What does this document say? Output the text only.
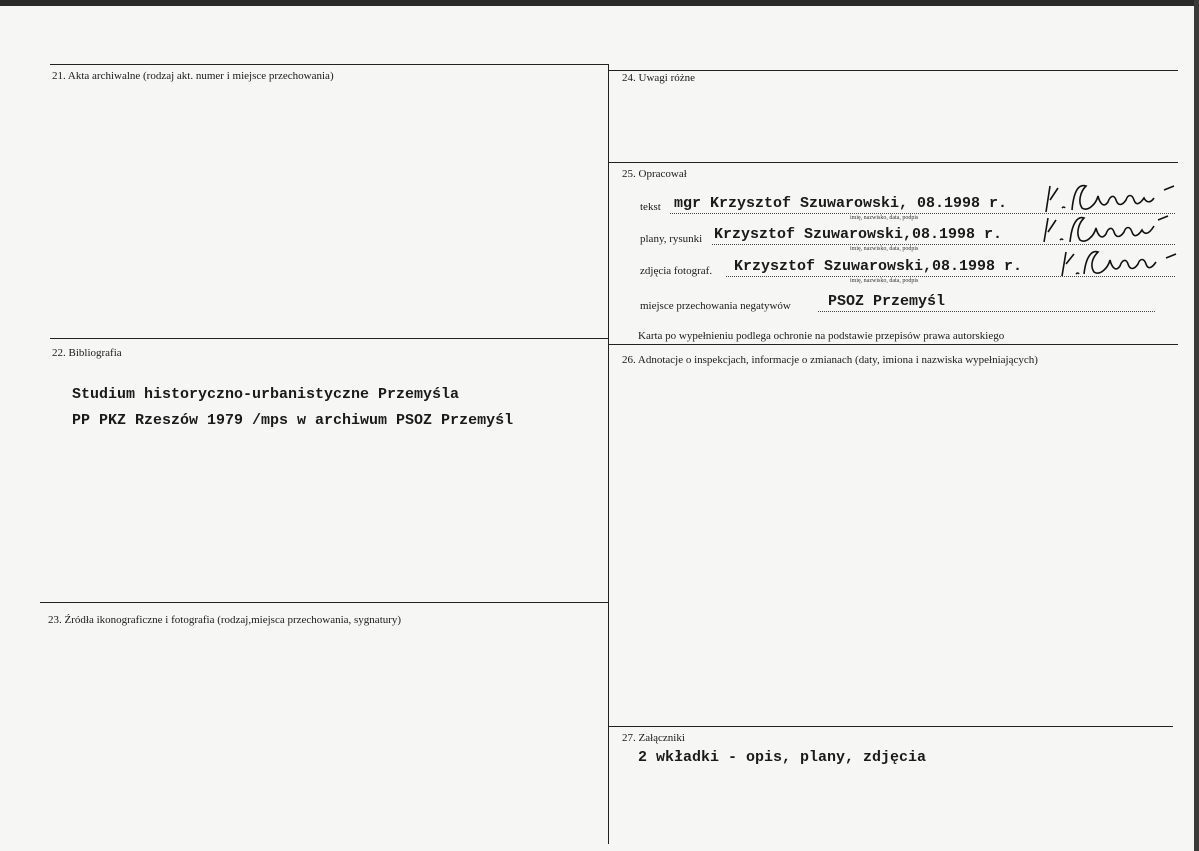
21. Akta archiwalne (rodzaj akt. numer i miejsce przechowania)
22. Bibliografia
Studium historyczno-urbanistyczne Przemyśla
PP PKZ Rzeszów 1979 /mps w archiwum PSOZ Przemyśl
23. Źródła ikonograficzne i fotografia (rodzaj,miejsca przechowania, sygnatury)
24. Uwagi różne
25. Opracował
tekst mgr Krzysztof Szuwarowski, 08.1998 r.
imię, nazwisko, data, podpis
plany, rysunki Krzysztof Szuwarowski,08.1998 r.
imię, nazwisko, data, podpis
zdjęcia fotograf. Krzysztof Szuwarowski,08.1998 r.
imię, nazwisko, data, podpis
miejsce przechowania negatywów PSOZ Przemyśl
Karta po wypełnieniu podlega ochronie na podstawie przepisów prawa autorskiego
26. Adnotacje o inspekcjach, informacje o zmianach (daty, imiona i nazwiska wypełniających)
27. Załączniki
2 wkładki - opis, plany, zdjęcia
